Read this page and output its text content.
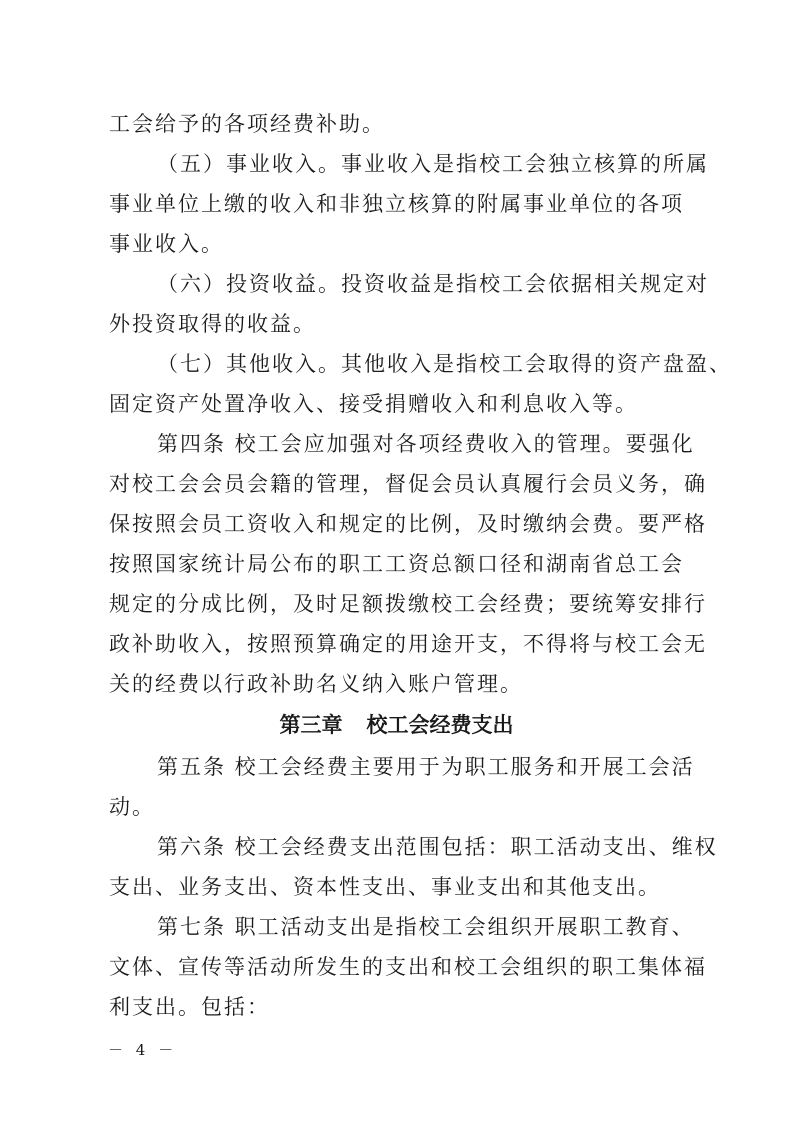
工会给予的各项经费补助。
（五）事业收入。事业收入是指校工会独立核算的所属
事业单位上缴的收入和非独立核算的附属事业单位的各项
事业收入。
（六）投资收益。投资收益是指校工会依据相关规定对
外投资取得的收益。
（七）其他收入。其他收入是指校工会取得的资产盘盈、
固定资产处置净收入、接受捐赠收入和利息收入等。
第四条 校工会应加强对各项经费收入的管理。要强化
对校工会会员会籍的管理，督促会员认真履行会员义务，确
保按照会员工资收入和规定的比例，及时缴纳会费。要严格
按照国家统计局公布的职工工资总额口径和湖南省总工会
规定的分成比例，及时足额拨缴校工会经费；要统筹安排行
政补助收入，按照预算确定的用途开支，不得将与校工会无
关的经费以行政补助名义纳入账户管理。
第三章 校工会经费支出
第五条 校工会经费主要用于为职工服务和开展工会活
动。
第六条 校工会经费支出范围包括：职工活动支出、维权
支出、业务支出、资本性支出、事业支出和其他支出。
第七条 职工活动支出是指校工会组织开展职工教育、
文体、宣传等活动所发生的支出和校工会组织的职工集体福
利支出。包括：
－ 4 －
